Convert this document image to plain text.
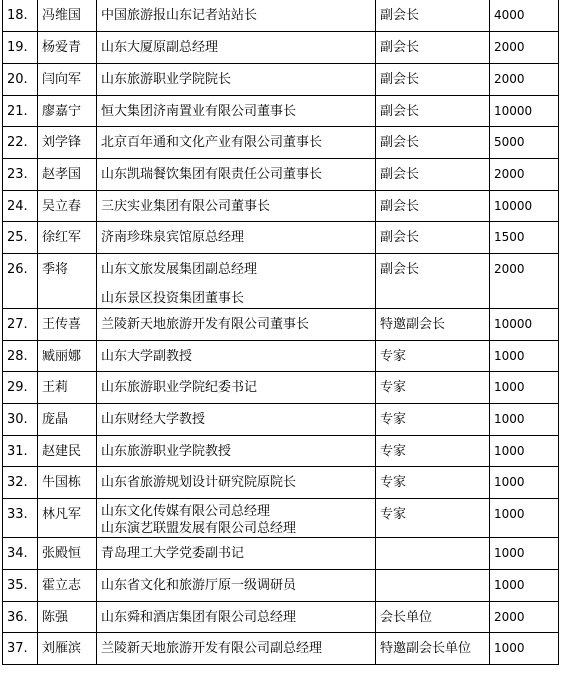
18.	冯维国	中国旅游报山东记者站站长	副会长	4000
19.	杨爱青	山东大厦原副总经理	副会长	2000
20.	闫向军	山东旅游职业学院院长	副会长	2000
21.	廖嘉宁	恒大集团济南置业有限公司董事长	副会长	10000
22.	刘学锋	北京百年通和文化产业有限公司董事长	副会长	5000
23.	赵孝国	山东凯瑞餐饮集团有限责任公司董事长	副会长	2000
24.	吴立春	三庆实业集团有限公司董事长	副会长	10000
25.	徐红军	济南珍珠泉宾馆原总经理	副会长	1500
26.	季将	山东文旅发展集团副总经理
山东景区投资集团董事长	副会长	2000
27.	王传喜	兰陵新天地旅游开发有限公司董事长	特邀副会长	10000
28.	臧丽娜	山东大学副教授	专家	1000
29.	王莉	山东旅游职业学院纪委书记	专家	1000
30.	庞晶	山东财经大学教授	专家	1000
31.	赵建民	山东旅游职业学院教授	专家	1000
32.	牛国栋	山东省旅游规划设计研究院原院长	专家	1000
33.	林凡军	山东文化传媒有限公司总经理
山东演艺联盟发展有限公司总经理	专家	1000
34.	张殿恒	青岛理工大学党委副书记		1000
35.	霍立志	山东省文化和旅游厅原一级调研员		1000
36.	陈强	山东舜和酒店集团有限公司总经理	会长单位	2000
37.	刘雁滨	兰陵新天地旅游开发有限公司副总经理	特邀副会长单位	1000
